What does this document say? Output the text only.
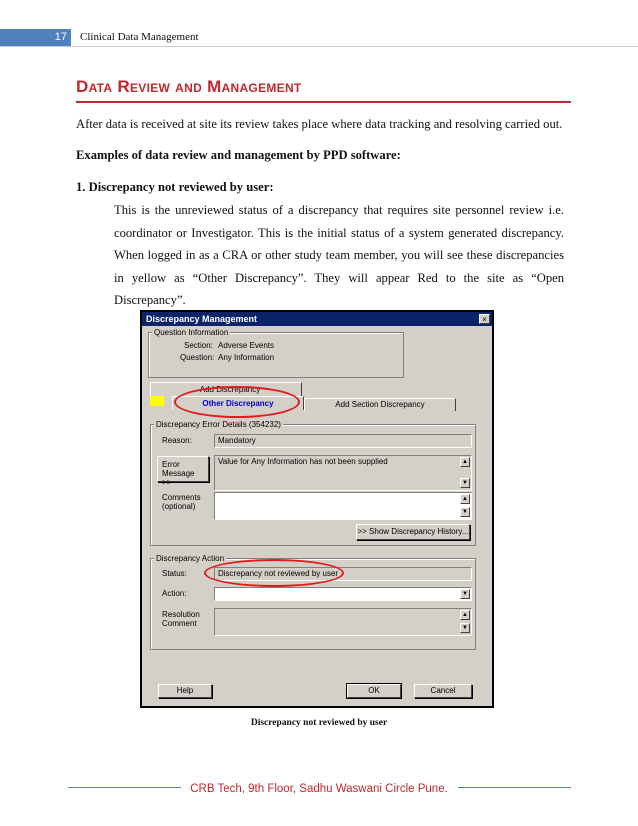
17	Clinical Data Management
Data Review and Management
After data is received at site its review takes place where data tracking and resolving carried out.
Examples of data review and management by PPD software:
1. Discrepancy not reviewed by user:
This is the unreviewed status of a discrepancy that requires site personnel review i.e. coordinator or Investigator. This is the initial status of a system generated discrepancy. When logged in as a CRA or other study team member, you will see these discrepancies in yellow as “Other Discrepancy”. They will appear Red to the site as “Open Discrepancy”.
Discrepancy Management	×
Question Information
Section: Adverse Events
Question: Any Information
Add Discrepancy
Other Discrepancy	Add Section Discrepancy
Discrepancy Error Details (354232)
Reason:	Mandatory
Error
Message >>
Value for Any Information has not been supplied	▲
▼
Comments
(optional)
▲
▼
>> Show Discrepancy History...
Discrepancy Action
Status:	Discrepancy not reviewed by user
Action:	▼
Resolution
Comment
▲
▼
Help	OK	Cancel
Discrepancy not reviewed by user
CRB Tech, 9th Floor, Sadhu Waswani Circle Pune.
